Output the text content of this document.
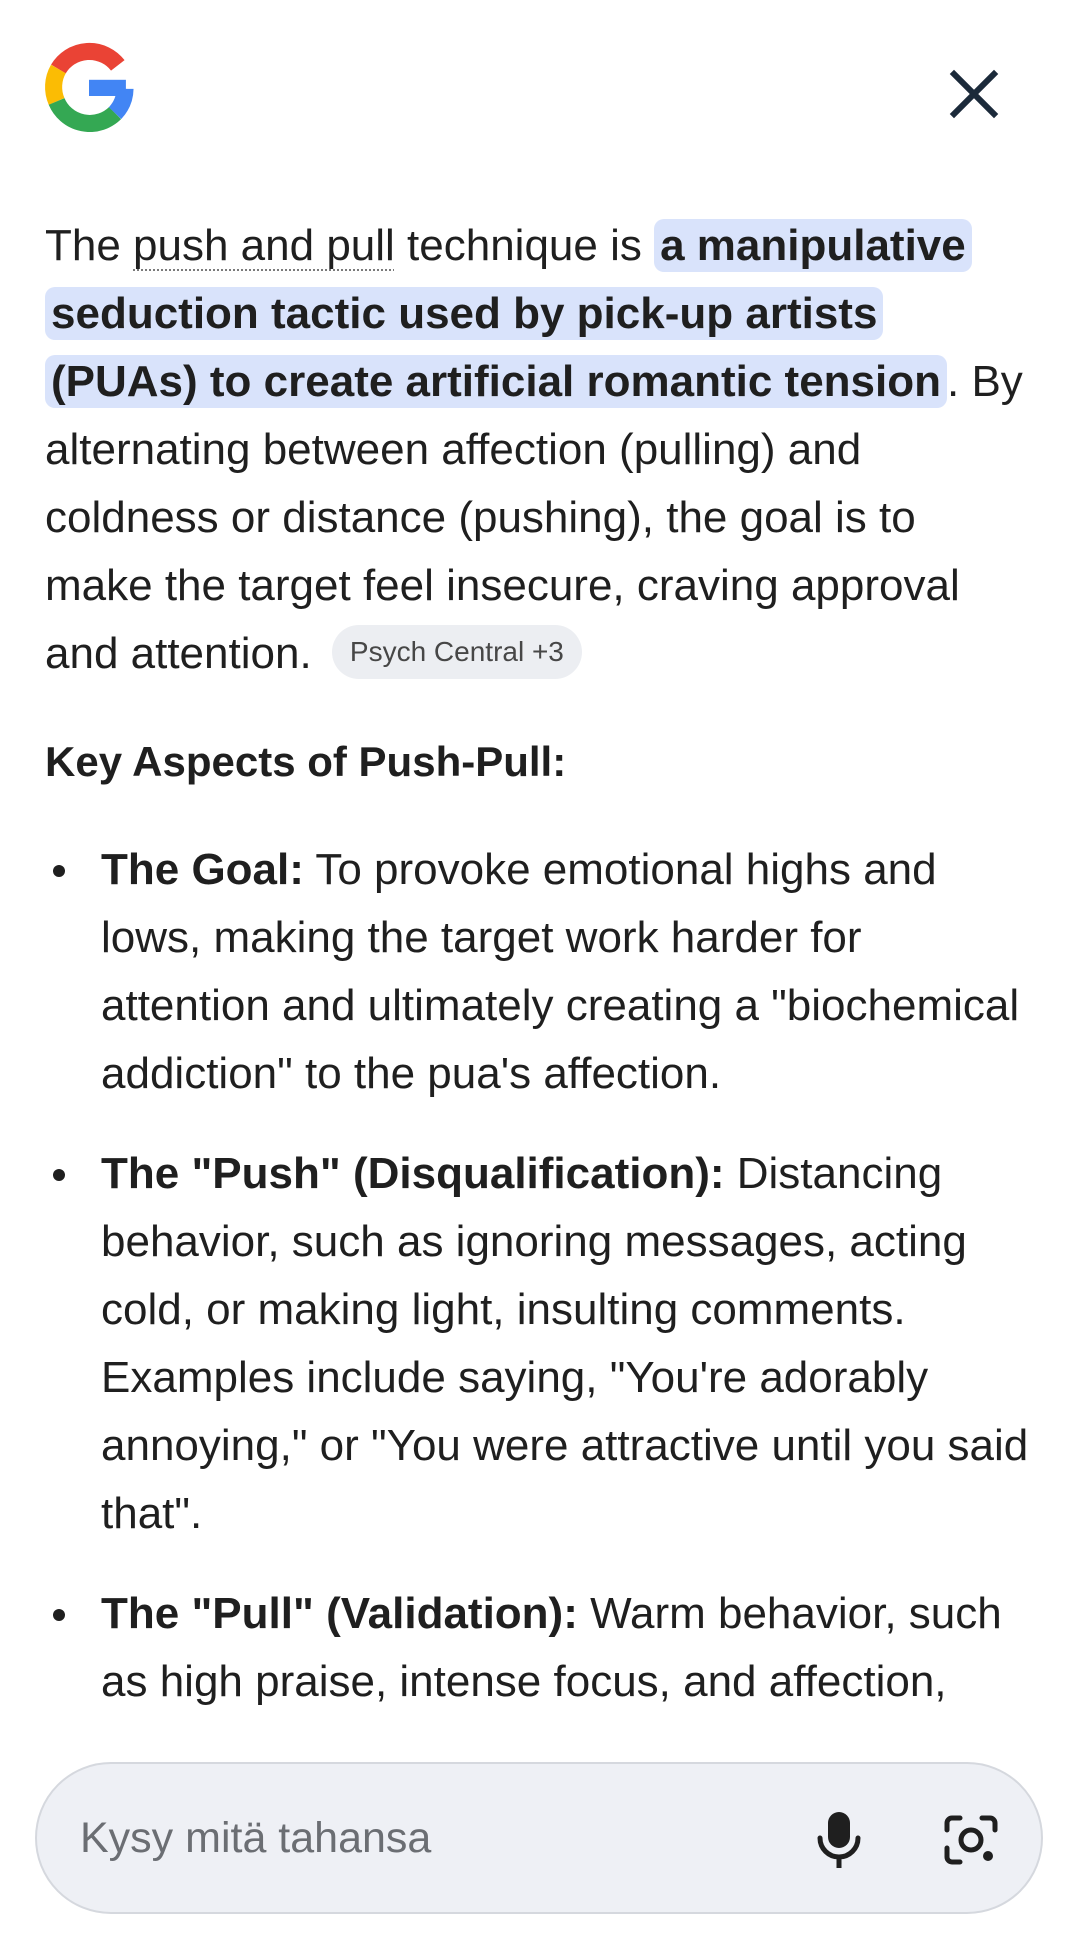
The push and pull technique is a manipulative seduction tactic used by pick-up artists (PUAs) to create artificial romantic tension . By alternating between affection (pulling) and coldness or distance (pushing), the goal is to make the target feel insecure, craving approval and attention. Psych Central +3

Key Aspects of Push-Pull:
The Goal: To provoke emotional highs and lows, making the target work harder for attention and ultimately creating a "biochemical addiction" to the pua's affection.
The "Push" (Disqualification): Distancing behavior, such as ignoring messages, acting cold, or making light, insulting comments. Examples include saying, "You're adorably annoying," or "You were attractive until you said that".
The "Pull" (Validation): Warm behavior, such as high praise, intense focus, and affection,
Kysy mitä tahansa
